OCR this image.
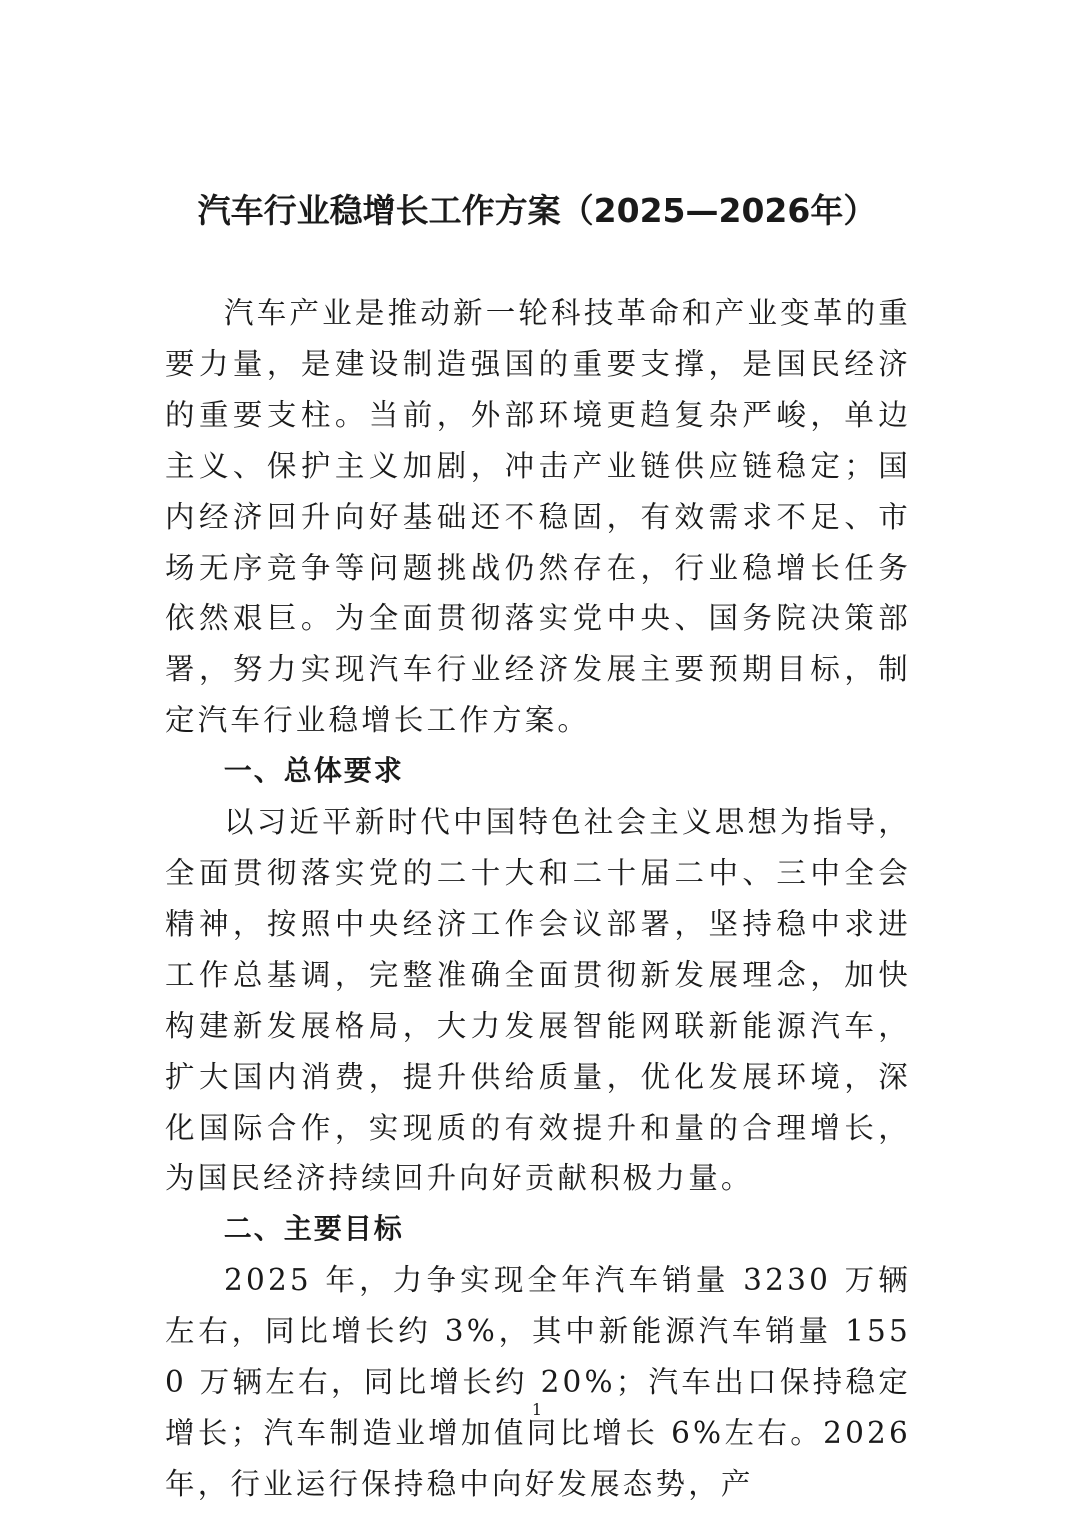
汽车行业稳增长工作方案（2025—2026年）

汽车产业是推动新一轮科技革命和产业变革的重要力量，是建设制造强国的重要支撑，是国民经济的重要支柱。当前，外部环境更趋复杂严峻，单边主义、保护主义加剧，冲击产业链供应链稳定；国内经济回升向好基础还不稳固，有效需求不足、市场无序竞争等问题挑战仍然存在，行业稳增长任务依然艰巨。为全面贯彻落实党中央、国务院决策部署，努力实现汽车行业经济发展主要预期目标，制定汽车行业稳增长工作方案。

一、总体要求

以习近平新时代中国特色社会主义思想为指导，全面贯彻落实党的二十大和二十届二中、三中全会精神，按照中央经济工作会议部署，坚持稳中求进工作总基调，完整准确全面贯彻新发展理念，加快构建新发展格局，大力发展智能网联新能源汽车，扩大国内消费，提升供给质量，优化发展环境，深化国际合作，实现质的有效提升和量的合理增长，为国民经济持续回升向好贡献积极力量。

二、主要目标

2025 年，力争实现全年汽车销量 3230 万辆左右，同比增长约 3%，其中新能源汽车销量 1550 万辆左右，同比增长约 20%；汽车出口保持稳定增长；汽车制造业增加值同比增长 6%左右。2026 年，行业运行保持稳中向好发展态势，产

1
